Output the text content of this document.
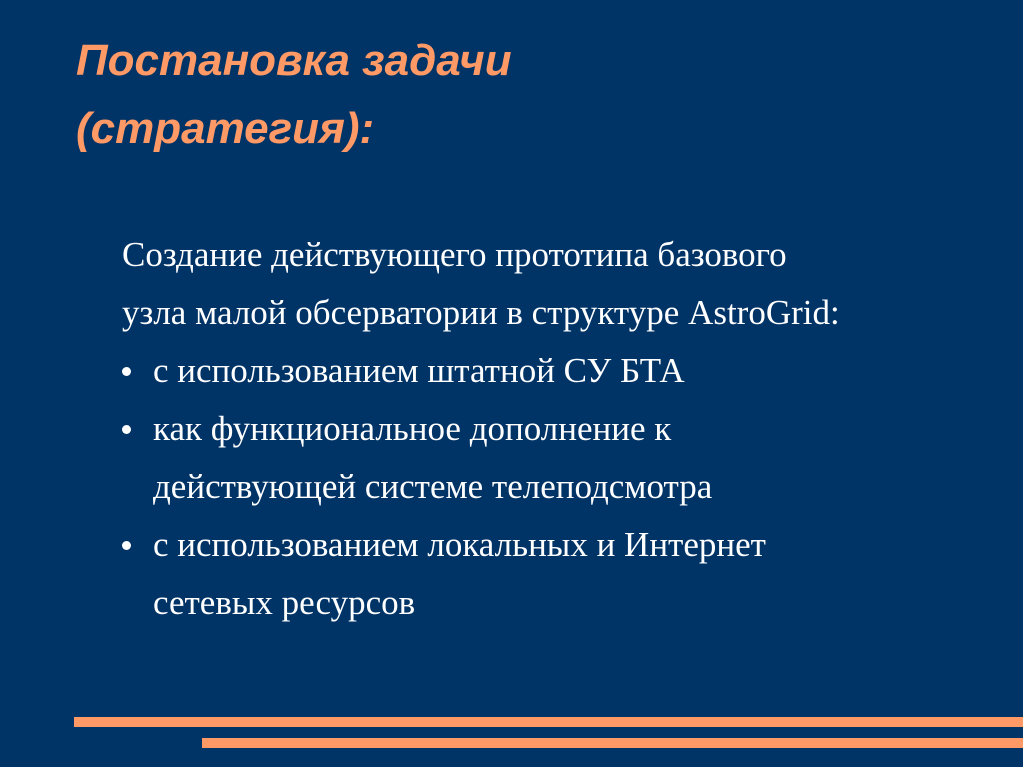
Постановка задачи
(стратегия):
Создание действующего прототипа базового
узла малой обсерватории в структуре AstroGrid:
с использованием штатной СУ БТА
как функциональное дополнение к
действующей системе телеподсмотра
с использованием локальных и Интернет
сетевых ресурсов
